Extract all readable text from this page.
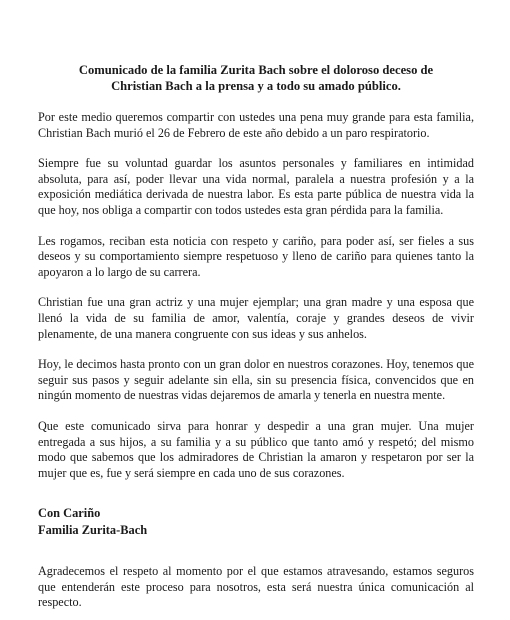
Comunicado de la familia Zurita Bach sobre el doloroso deceso de Christian Bach a la prensa y a todo su amado público.

Por este medio queremos compartir con ustedes una pena muy grande para esta familia, Christian Bach murió el 26 de Febrero de este año debido a un paro respiratorio.

Siempre fue su voluntad guardar los asuntos personales y familiares en intimidad absoluta, para así, poder llevar una vida normal, paralela a nuestra profesión y a la exposición mediática derivada de nuestra labor. Es esta parte pública de nuestra vida la que hoy, nos obliga a compartir con todos ustedes esta gran pérdida para la familia.

Les rogamos, reciban esta noticia con respeto y cariño, para poder así, ser fieles a sus deseos y su comportamiento siempre respetuoso y lleno de cariño para quienes tanto la apoyaron a lo largo de su carrera.

Christian fue una gran actriz y una mujer ejemplar; una gran madre y una esposa que llenó la vida de su familia de amor, valentía, coraje y grandes deseos de vivir plenamente, de una manera congruente con sus ideas y sus anhelos.

Hoy, le decimos hasta pronto con un gran dolor en nuestros corazones. Hoy, tenemos que seguir sus pasos y seguir adelante sin ella, sin su presencia física, convencidos que en ningún momento de nuestras vidas dejaremos de amarla y tenerla en nuestra mente.

Que este comunicado sirva para honrar y despedir a una gran mujer. Una mujer entregada a sus hijos, a su familia y a su público que tanto amó y respetó; del mismo modo que sabemos que los admiradores de Christian la amaron y respetaron por ser la mujer que es, fue y será siempre en cada uno de sus corazones.

Con Cariño
Familia Zurita-Bach

Agradecemos el respeto al momento por el que estamos atravesando, estamos seguros que entenderán este proceso para nosotros, esta será nuestra única comunicación al respecto.
